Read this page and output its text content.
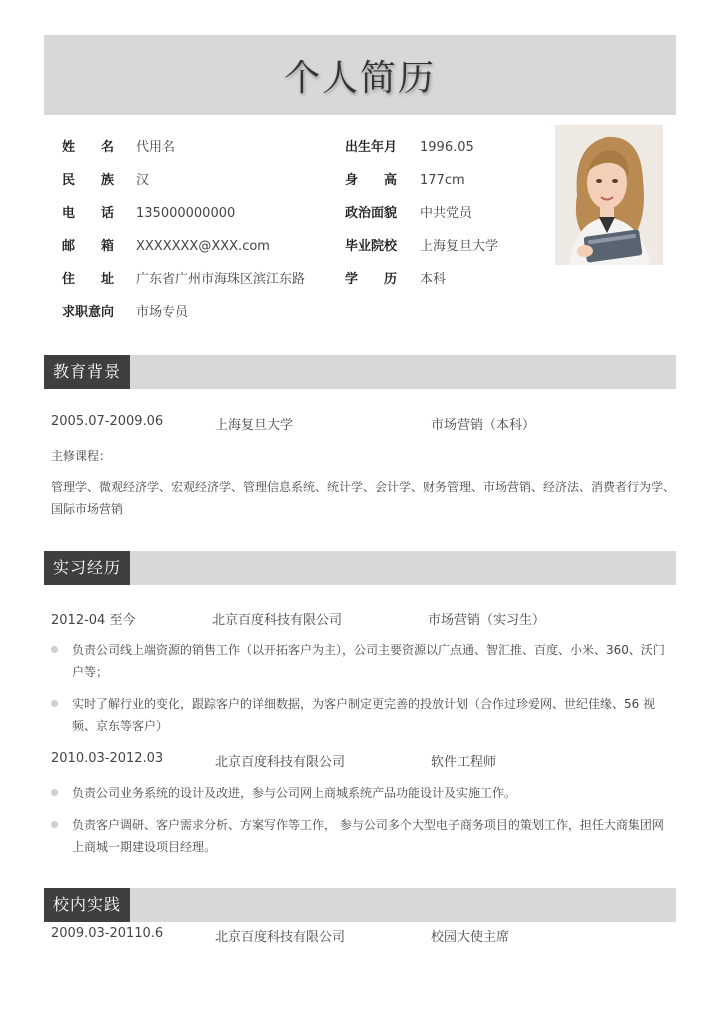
个人简历
姓 名 代用名	出生年月 1996.05
民 族 汉	身 高 177cm
电 话 135000000000	政治面貌 中共党员
邮 箱 XXXXXXX@XXX.com	毕业院校 上海复旦大学
住 址 广东省广州市海珠区滨江东路	学 历 本科
求职意向 市场专员
教育背景
2005.07-2009.06	上海复旦大学	市场营销（本科）
主修课程：
管理学、微观经济学、宏观经济学、管理信息系统、统计学、会计学、财务管理、市场营销、经济法、消费者行为学、国际市场营销
实习经历
2012-04 至今	北京百度科技有限公司	市场营销（实习生）
负责公司线上端资源的销售工作（以开拓客户为主），公司主要资源以广点通、智汇推、百度、小米、360、沃门户等；
实时了解行业的变化，跟踪客户的详细数据，为客户制定更完善的投放计划（合作过珍爱网、世纪佳缘、56 视频、京东等客户）
2010.03-2012.03	北京百度科技有限公司	软件工程师
负责公司业务系统的设计及改进，参与公司网上商城系统产品功能设计及实施工作。
负责客户调研、客户需求分析、方案写作等工作， 参与公司多个大型电子商务项目的策划工作，担任大商集团网上商城一期建设项目经理。
校内实践
2009.03-20110.6	北京百度科技有限公司	校园大使主席
